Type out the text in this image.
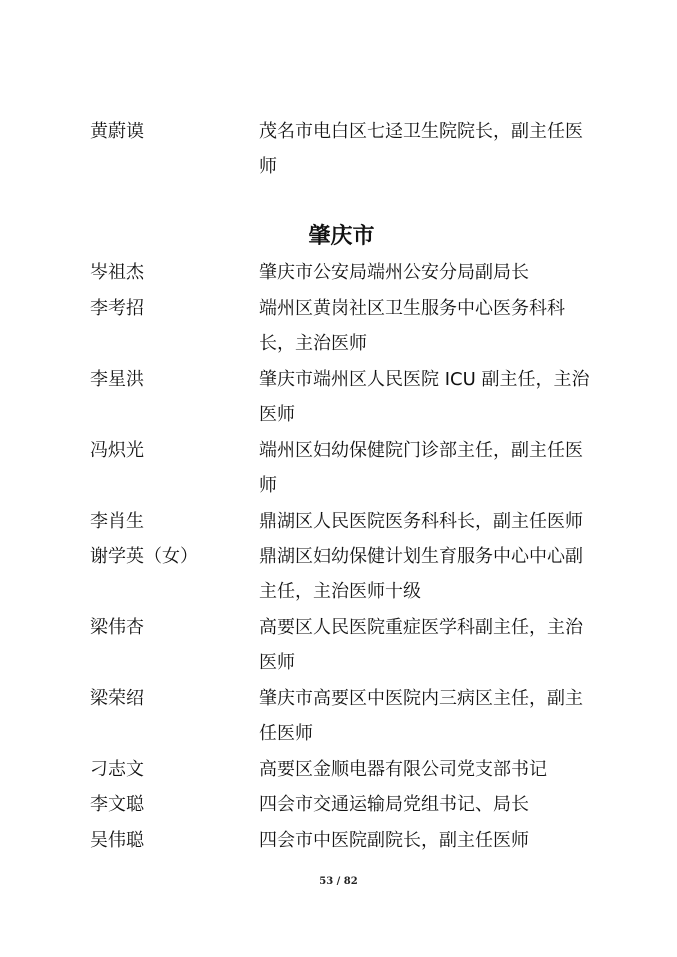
黄蔚谟	茂名市电白区七迳卫生院院长，副主任医师
肇庆市
岑祖杰	肇庆市公安局端州公安分局副局长
李考招	端州区黄岗社区卫生服务中心医务科科长，主治医师
李星洪	肇庆市端州区人民医院 ICU 副主任，主治医师
冯炽光	端州区妇幼保健院门诊部主任，副主任医师
李肖生	鼎湖区人民医院医务科科长，副主任医师
谢学英（女）	鼎湖区妇幼保健计划生育服务中心中心副主任，主治医师十级
梁伟杏	高要区人民医院重症医学科副主任，主治医师
梁荣绍	肇庆市高要区中医院内三病区主任，副主任医师
刁志文	高要区金顺电器有限公司党支部书记
李文聪	四会市交通运输局党组书记、局长
吴伟聪	四会市中医院副院长，副主任医师
53 / 82
